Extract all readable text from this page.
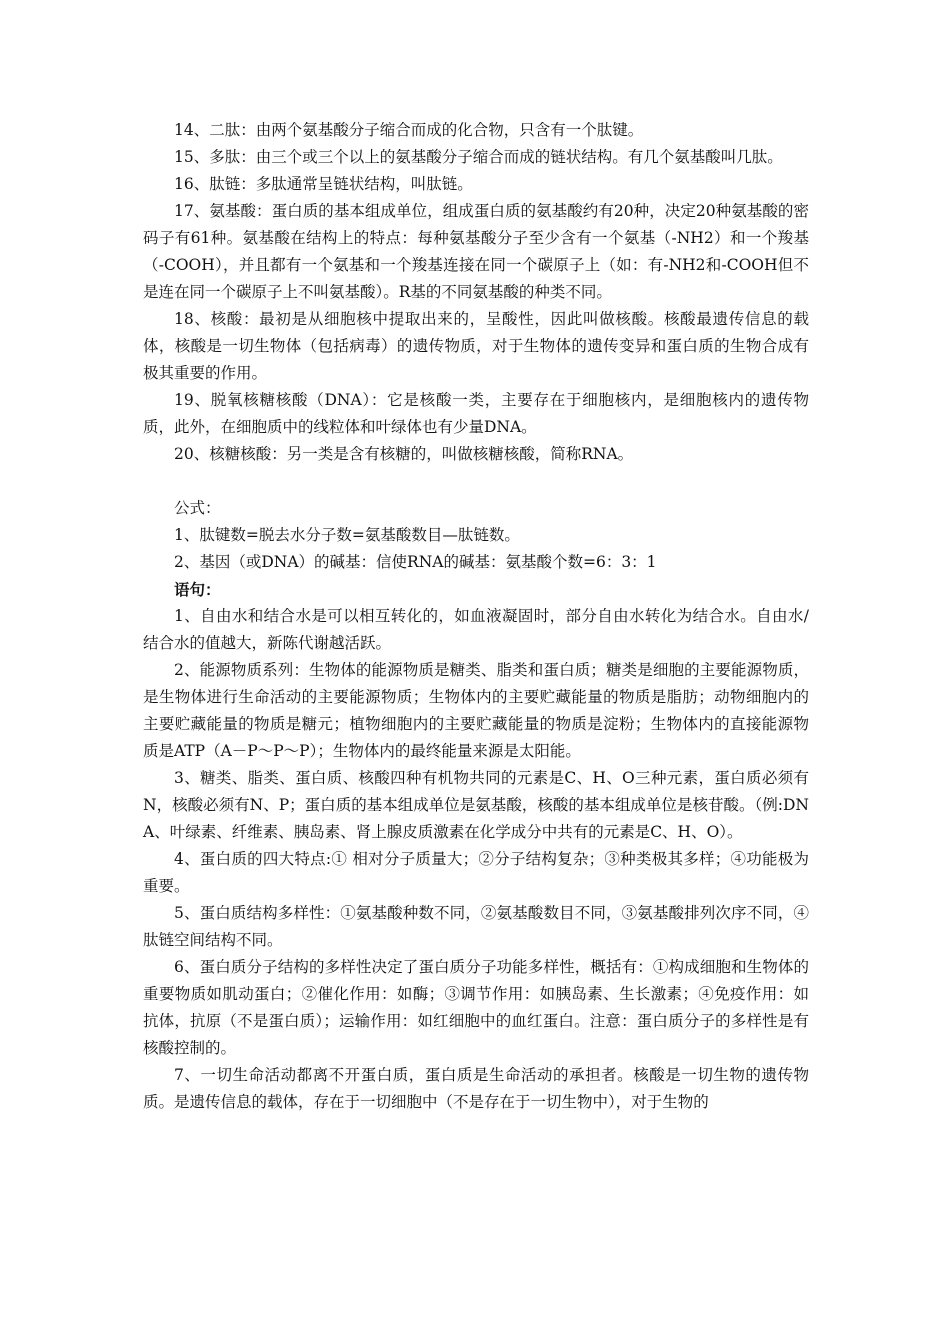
14、二肽：由两个氨基酸分子缩合而成的化合物，只含有一个肽键。

15、多肽：由三个或三个以上的氨基酸分子缩合而成的链状结构。有几个氨基酸叫几肽。

16、肽链：多肽通常呈链状结构，叫肽链。

17、氨基酸：蛋白质的基本组成单位，组成蛋白质的氨基酸约有20种，决定20种氨基酸的密码子有61种。氨基酸在结构上的特点：每种氨基酸分子至少含有一个氨基（-NH2）和一个羧基（-COOH），并且都有一个氨基和一个羧基连接在同一个碳原子上（如：有-NH2和-COOH但不是连在同一个碳原子上不叫氨基酸）。R基的不同氨基酸的种类不同。

18、核酸：最初是从细胞核中提取出来的，呈酸性，因此叫做核酸。核酸最遗传信息的载体，核酸是一切生物体（包括病毒）的遗传物质，对于生物体的遗传变异和蛋白质的生物合成有极其重要的作用。

19、脱氧核糖核酸（DNA）：它是核酸一类，主要存在于细胞核内，是细胞核内的遗传物质，此外，在细胞质中的线粒体和叶绿体也有少量DNA。

20、核糖核酸：另一类是含有核糖的，叫做核糖核酸，简称RNA。

公式：

1、肽键数=脱去水分子数=氨基酸数目—肽链数。

2、基因（或DNA）的碱基：信使RNA的碱基：氨基酸个数=6：3：1

语句：

1、自由水和结合水是可以相互转化的，如血液凝固时，部分自由水转化为结合水。自由水/结合水的值越大，新陈代谢越活跃。

2、能源物质系列：生物体的能源物质是糖类、脂类和蛋白质；糖类是细胞的主要能源物质，是生物体进行生命活动的主要能源物质；生物体内的主要贮藏能量的物质是脂肪；动物细胞内的主要贮藏能量的物质是糖元；植物细胞内的主要贮藏能量的物质是淀粉；生物体内的直接能源物质是ATP（A－P～P～P）；生物体内的最终能量来源是太阳能。

3、糖类、脂类、蛋白质、核酸四种有机物共同的元素是C、H、O三种元素，蛋白质必须有N，核酸必须有N、P；蛋白质的基本组成单位是氨基酸，核酸的基本组成单位是核苷酸。（例:DNA、叶绿素、纤维素、胰岛素、肾上腺皮质激素在化学成分中共有的元素是C、H、O）。

4、蛋白质的四大特点:① 相对分子质量大；②分子结构复杂；③种类极其多样；④功能极为重要。

5、蛋白质结构多样性：①氨基酸种数不同，②氨基酸数目不同，③氨基酸排列次序不同，④肽链空间结构不同。

6、蛋白质分子结构的多样性决定了蛋白质分子功能多样性，概括有：①构成细胞和生物体的重要物质如肌动蛋白；②催化作用：如酶；③调节作用：如胰岛素、生长激素；④免疫作用：如抗体，抗原（不是蛋白质）；运输作用：如红细胞中的血红蛋白。注意：蛋白质分子的多样性是有核酸控制的。

7、一切生命活动都离不开蛋白质，蛋白质是生命活动的承担者。核酸是一切生物的遗传物质。是遗传信息的载体，存在于一切细胞中（不是存在于一切生物中），对于生物的
